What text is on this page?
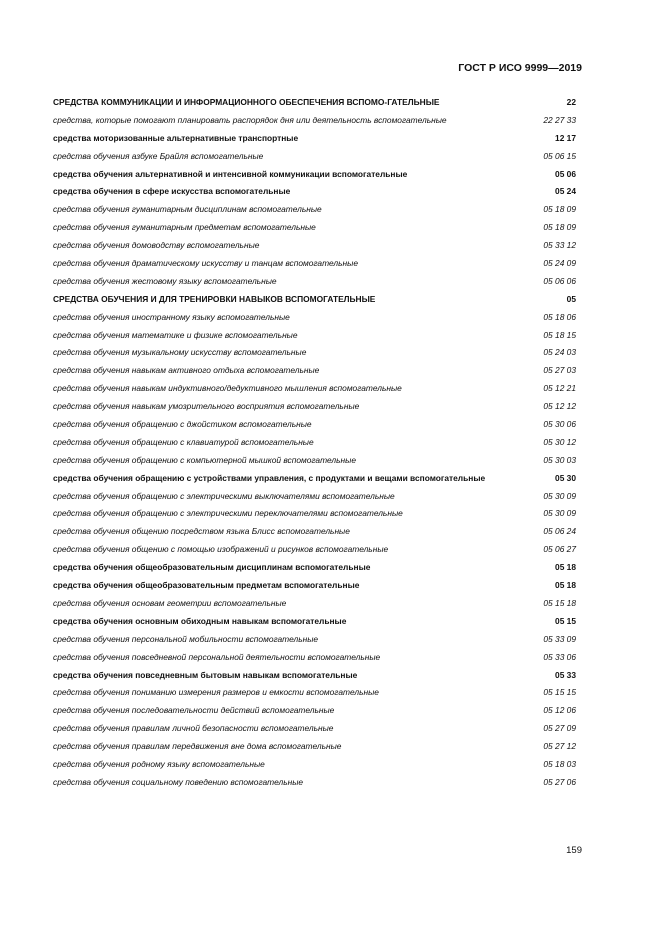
ГОСТ Р ИСО 9999—2019
СРЕДСТВА КОММУНИКАЦИИ И ИНФОРМАЦИОННОГО ОБЕСПЕЧЕНИЯ ВСПОМО-ГАТЕЛЬНЫЕ	22
средства, которые помогают планировать распорядок дня или деятельность вспомогательные	22 27 33
средства моторизованные альтернативные транспортные	12 17
средства обучения азбуке Брайля вспомогательные	05 06 15
средства обучения альтернативной и интенсивной коммуникации вспомогательные	05 06
средства обучения в сфере искусства вспомогательные	05 24
средства обучения гуманитарным дисциплинам вспомогательные	05 18 09
средства обучения гуманитарным предметам вспомогательные	05 18 09
средства обучения домоводству вспомогательные	05 33 12
средства обучения драматическому искусству и танцам вспомогательные	05 24 09
средства обучения жестовому языку вспомогательные	05 06 06
СРЕДСТВА ОБУЧЕНИЯ И ДЛЯ ТРЕНИРОВКИ НАВЫКОВ ВСПОМОГАТЕЛЬНЫЕ	05
средства обучения иностранному языку вспомогательные	05 18 06
средства обучения математике и физике вспомогательные	05 18 15
средства обучения музыкальному искусству вспомогательные	05 24 03
средства обучения навыкам активного отдыха вспомогательные	05 27 03
средства обучения навыкам индуктивного/дедуктивного мышления вспомогательные	05 12 21
средства обучения навыкам умозрительного восприятия вспомогательные	05 12 12
средства обучения обращению с джойстиком вспомогательные	05 30 06
средства обучения обращению с клавиатурой вспомогательные	05 30 12
средства обучения обращению с компьютерной мышкой вспомогательные	05 30 03
средства обучения обращению с устройствами управления, с продуктами и вещами вспомогательные	05 30
средства обучения обращению с электрическими выключателями вспомогательные	05 30 09
средства обучения обращению с электрическими переключателями вспомогательные	05 30 09
средства обучения общению посредством языка Блисс вспомогательные	05 06 24
средства обучения общению с помощью изображений и рисунков вспомогательные	05 06 27
средства обучения общеобразовательным дисциплинам вспомогательные	05 18
средства обучения общеобразовательным предметам вспомогательные	05 18
средства обучения основам геометрии вспомогательные	05 15 18
средства обучения основным обиходным навыкам вспомогательные	05 15
средства обучения персональной мобильности вспомогательные	05 33 09
средства обучения повседневной персональной деятельности вспомогательные	05 33 06
средства обучения повседневным бытовым навыкам вспомогательные	05 33
средства обучения пониманию измерения размеров и емкости вспомогательные	05 15 15
средства обучения последовательности действий вспомогательные	05 12 06
средства обучения правилам личной безопасности вспомогательные	05 27 09
средства обучения правилам передвижения вне дома вспомогательные	05 27 12
средства обучения родному языку вспомогательные	05 18 03
средства обучения социальному поведению вспомогательные	05 27 06
159
